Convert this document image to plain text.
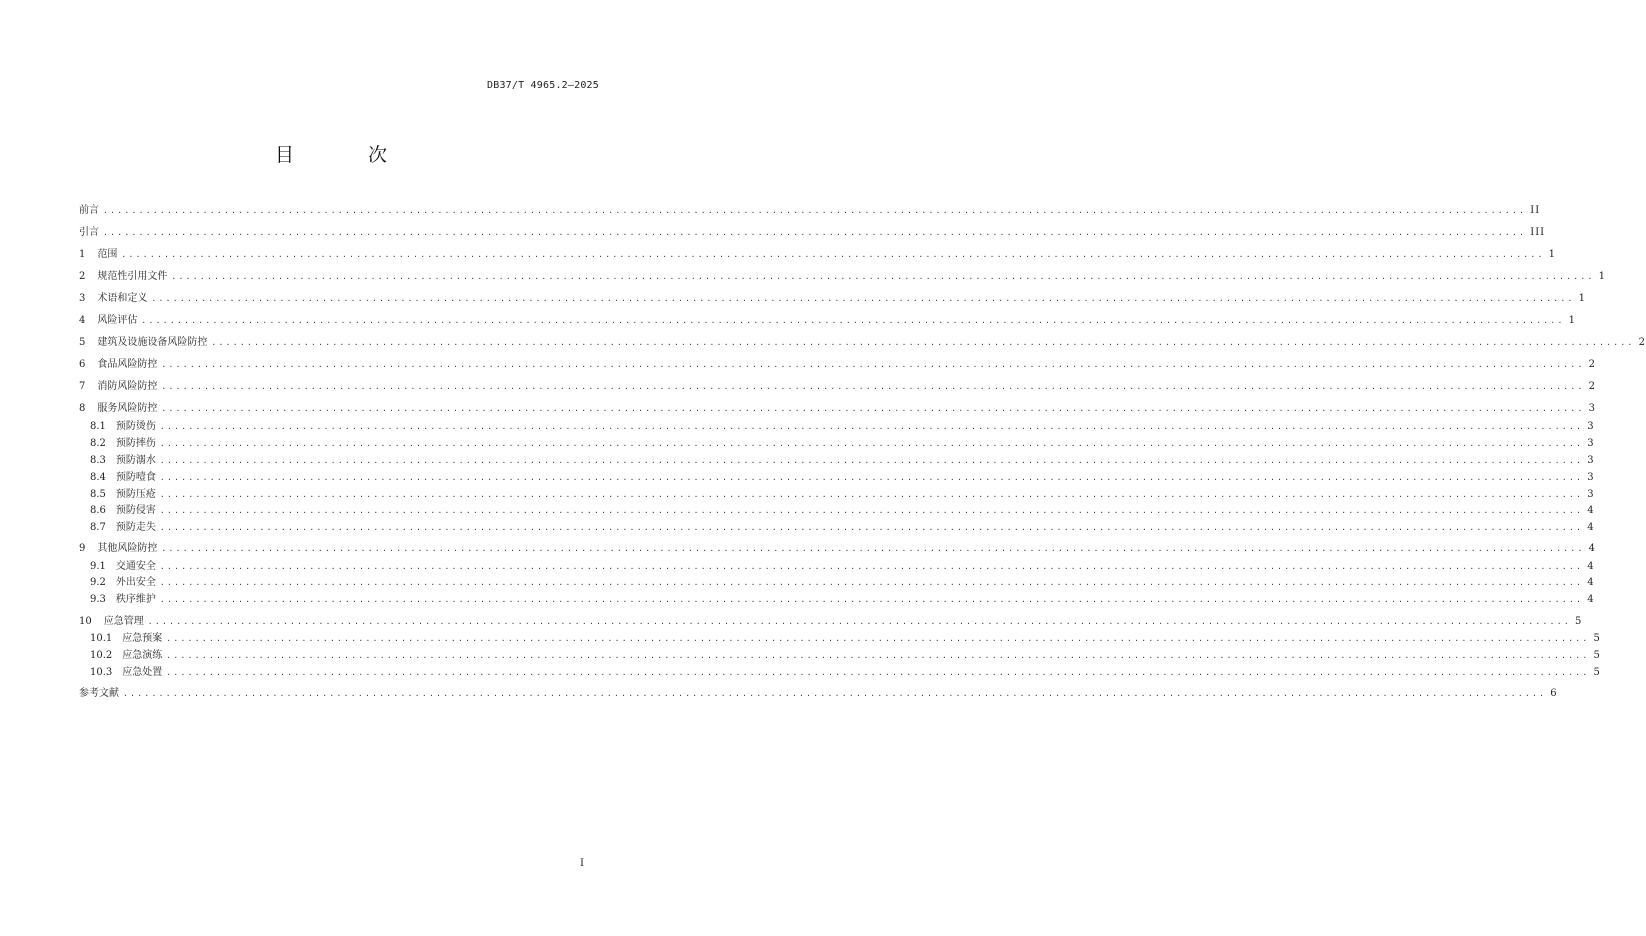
DB37/T 4965.2—2025
目 次
前言 ........................................................................................................................................................................................................ II
引言 ........................................................................................................................................................................................................ III
1 范围 ........................................................................................................................................................................................................ 1
2 规范性引用文件 ........................................................................................................................................................................................................ 1
3 术语和定义 ........................................................................................................................................................................................................ 1
4 风险评估 ........................................................................................................................................................................................................ 1
5 建筑及设施设备风险防控 ........................................................................................................................................................................................................ 2
6 食品风险防控 ........................................................................................................................................................................................................ 2
7 消防风险防控 ........................................................................................................................................................................................................ 2
8 服务风险防控 ........................................................................................................................................................................................................ 3
8.1 预防烫伤 ........................................................................................................................................................................................................ 3
8.2 预防摔伤 ........................................................................................................................................................................................................ 3
8.3 预防溺水 ........................................................................................................................................................................................................ 3
8.4 预防噎食 ........................................................................................................................................................................................................ 3
8.5 预防压疮 ........................................................................................................................................................................................................ 3
8.6 预防侵害 ........................................................................................................................................................................................................ 4
8.7 预防走失 ........................................................................................................................................................................................................ 4
9 其他风险防控 ........................................................................................................................................................................................................ 4
9.1 交通安全 ........................................................................................................................................................................................................ 4
9.2 外出安全 ........................................................................................................................................................................................................ 4
9.3 秩序维护 ........................................................................................................................................................................................................ 4
10 应急管理 ........................................................................................................................................................................................................ 5
10.1 应急预案 ........................................................................................................................................................................................................ 5
10.2 应急演练 ........................................................................................................................................................................................................ 5
10.3 应急处置 ........................................................................................................................................................................................................ 5
参考文献 ........................................................................................................................................................................................................ 6
I
